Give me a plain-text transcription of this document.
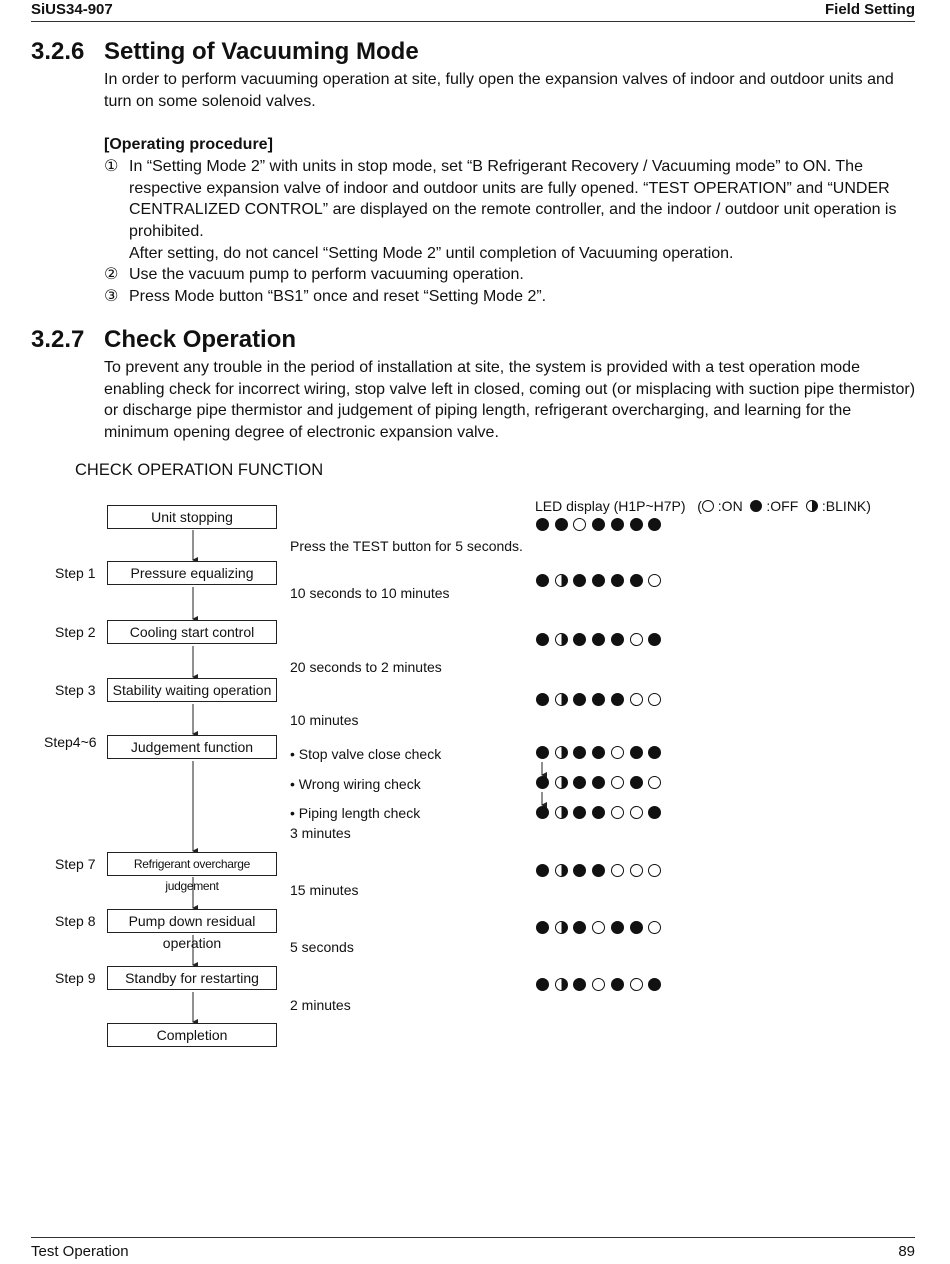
SiUS34-907	Field Setting
3.2.6 Setting of Vacuuming Mode
In order to perform vacuuming operation at site, fully open the expansion valves of indoor and outdoor units and turn on some solenoid valves.
[Operating procedure]
① In “Setting Mode 2” with units in stop mode, set “B Refrigerant Recovery / Vacuuming mode” to ON. The respective expansion valve of indoor and outdoor units are fully opened. “TEST OPERATION” and “UNDER CENTRALIZED CONTROL” are displayed on the remote controller, and the indoor / outdoor unit operation is prohibited.
After setting, do not cancel “Setting Mode 2” until completion of Vacuuming operation.
② Use the vacuum pump to perform vacuuming operation.
③ Press Mode button “BS1” once and reset “Setting Mode 2”.
3.2.7 Check Operation
To prevent any trouble in the period of installation at site, the system is provided with a test operation mode enabling check for incorrect wiring, stop valve left in closed, coming out (or misplacing with suction pipe thermistor) or discharge pipe thermistor and judgement of piping length, refrigerant overcharging, and learning for the minimum opening degree of electronic expansion valve.
CHECK OPERATION FUNCTION
LED display (H1P~H7P)   ( :ON :OFF :BLINK)
Unit stopping
Pressure equalizing
Cooling start control
Stability waiting operation
Judgement function
Refrigerant overcharge judgement
Pump down residual operation
Standby for restarting
Completion
Step 1
Step 2
Step 3
Step4~6
Step 7
Step 8
Step 9
Press the TEST button for 5 seconds.
10 seconds to 10 minutes
20 seconds to 2 minutes
10 minutes
3 minutes
15 minutes
5 seconds
2 minutes
• Stop valve close check
• Wrong wiring check
• Piping length check
Test Operation	89
